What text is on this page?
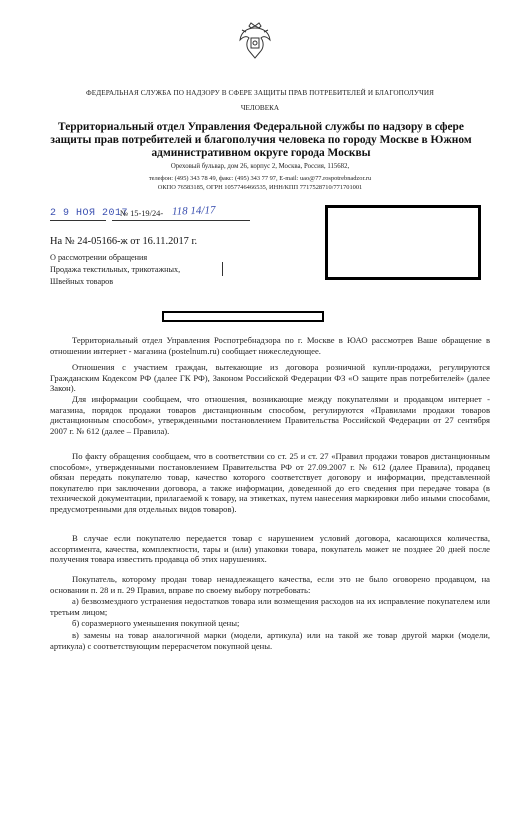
ФЕДЕРАЛЬНАЯ СЛУЖБА ПО НАДЗОРУ В СФЕРЕ ЗАЩИТЫ ПРАВ ПОТРЕБИТЕЛЕЙ И БЛАГОПОЛУЧИЯ
ЧЕЛОВЕКА
Территориальный отдел Управления Федеральной службы по надзору в сфере защиты прав потребителей и благополучия человека по городу Москве в Южном административном округе города Москвы
Ореховый бульвар, дом 26, корпус 2, Москва, Россия, 115682,
телефон: (495) 343 78 49, факс: (495) 343 77 97, E-mail: uao@77.rospotrebnadzor.ru
ОКПО 76583185, ОГРН 1057746466535, ИНН/КПП 7717528710/771701001
2 9 НОЯ 2017
№ 15-19/24- 118 14/17
На № 24-05166-ж от 16.11.2017 г.
О рассмотрении обращения
Продажа текстильных, трикотажных,
Швейных товаров

Территориальный отдел Управления Роспотребнадзора по г. Москве в ЮАО рассмотрев Ваше обращение в отношении интернет - магазина (postelnum.ru) сообщает нижеследующее.

Отношения с участием граждан, вытекающие из договора розничной купли-продажи, регулируются Гражданским Кодексом РФ (далее ГК РФ), Законом Российской Федерации ФЗ «О защите прав потребителей» (далее Закон).

Для информации сообщаем, что отношения, возникающие между покупателями и продавцом интернет - магазина, порядок продажи товаров дистанционным способом, регулируются «Правилами продажи товаров дистанционным способом», утвержденными постановлением Правительства Российской Федерации от 27 сентября 2007 г. № 612 (далее – Правила).

По факту обращения сообщаем, что в соответствии со ст. 25 и ст. 27 «Правил продажи товаров дистанционным способом», утвержденными постановлением Правительства РФ от 27.09.2007 г. № 612 (далее Правила), продавец обязан передать покупателю товар, качество которого соответствует договору и информации, представленной покупателю при заключении договора, а также информации, доведенной до его сведения при передаче товара (в технической документации, прилагаемой к товару, на этикетках, путем нанесения маркировки либо иными способами, предусмотренными для отдельных видов товаров).

В случае если покупателю передается товар с нарушением условий договора, касающихся количества, ассортимента, качества, комплектности, тары и (или) упаковки товара, покупатель может не позднее 20 дней после получения товара известить продавца об этих нарушениях.

Покупатель, которому продан товар ненадлежащего качества, если это не было оговорено продавцом, на основании п. 28 и п. 29 Правил, вправе по своему выбору потребовать:

а) безвозмездного устранения недостатков товара или возмещения расходов на их исправление покупателем или третьим лицом;

б) соразмерного уменьшения покупной цены;

в) замены на товар аналогичной марки (модели, артикула) или на такой же товар другой марки (модели, артикула) с соответствующим перерасчетом покупной цены.
